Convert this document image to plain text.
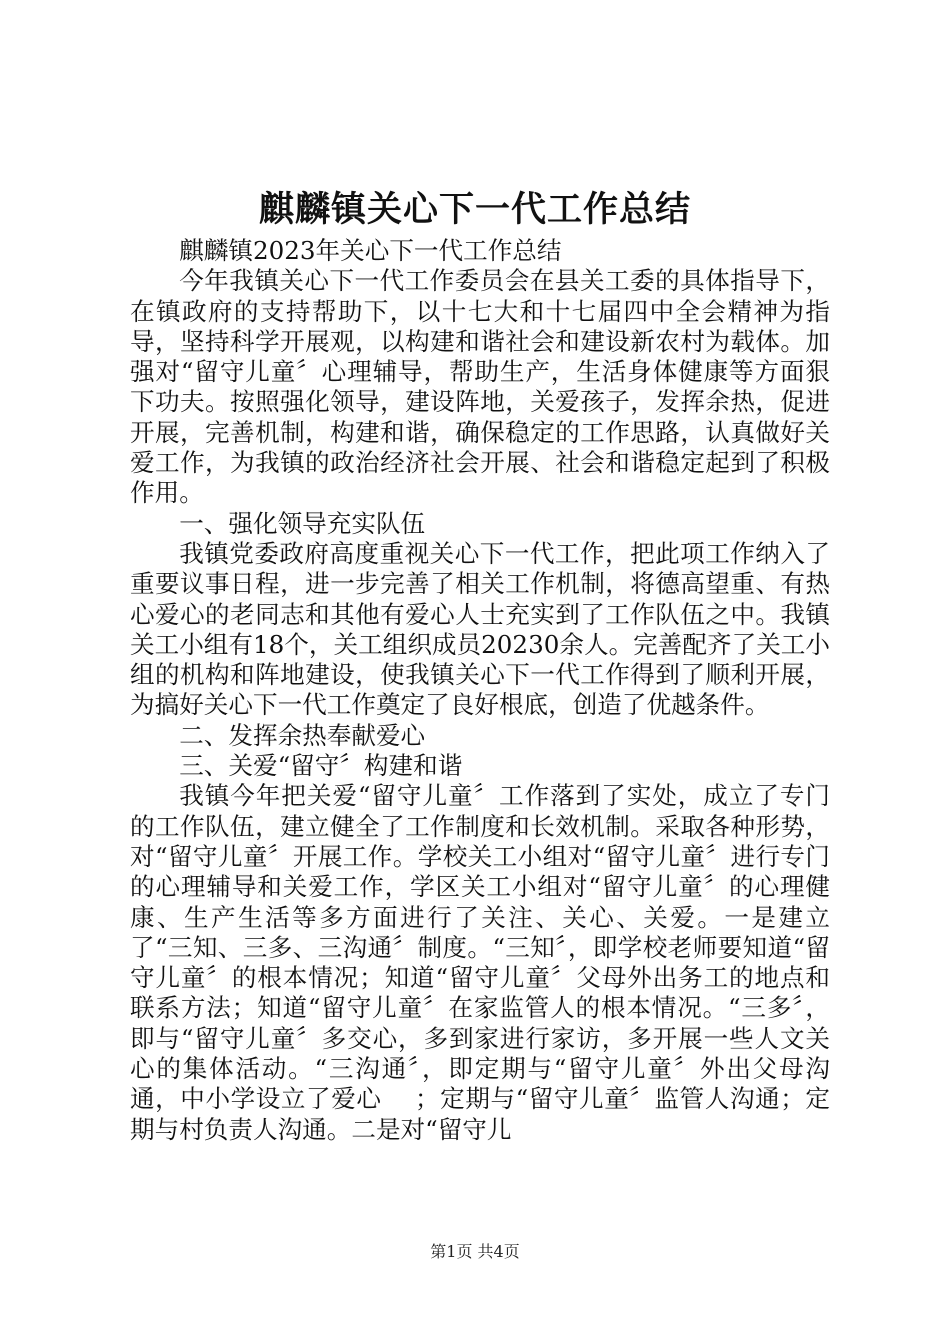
麒麟镇关心下一代工作总结

麒麟镇2023年关心下一代工作总结

今年我镇关心下一代工作委员会在县关工委的具体指导下，在镇政府的支持帮助下，以十七大和十七届四中全会精神为指导，坚持科学开展观，以构建和谐社会和建设新农村为载体。加强对“留守儿童〞心理辅导，帮助生产，生活身体健康等方面狠下功夫。按照强化领导，建设阵地，关爱孩子，发挥余热，促进开展，完善机制，构建和谐，确保稳定的工作思路，认真做好关爱工作，为我镇的政治经济社会开展、社会和谐稳定起到了积极作用。

一、强化领导充实队伍

我镇党委政府高度重视关心下一代工作，把此项工作纳入了重要议事日程，进一步完善了相关工作机制，将德高望重、有热心爱心的老同志和其他有爱心人士充实到了工作队伍之中。我镇关工小组有18个，关工组织成员20230余人。完善配齐了关工小组的机构和阵地建设，使我镇关心下一代工作得到了顺利开展，为搞好关心下一代工作奠定了良好根底，创造了优越条件。

二、发挥余热奉献爱心

三、关爱“留守〞构建和谐

我镇今年把关爱“留守儿童〞工作落到了实处，成立了专门的工作队伍，建立健全了工作制度和长效机制。采取各种形势，对“留守儿童〞开展工作。学校关工小组对“留守儿童〞进行专门的心理辅导和关爱工作，学区关工小组对“留守儿童〞的心理健康、生产生活等多方面进行了关注、关心、关爱。一是建立了“三知、三多、三沟通〞制度。“三知〞，即学校老师要知道“留守儿童〞的根本情况；知道“留守儿童〞父母外出务工的地点和联系方法；知道“留守儿童〞在家监管人的根本情况。“三多〞，即与“留守儿童〞多交心，多到家进行家访，多开展一些人文关心的集体活动。“三沟通〞，即定期与“留守儿童〞外出父母沟通，中小学设立了爱心　 ；定期与“留守儿童〞监管人沟通；定期与村负责人沟通。二是对“留守儿

第1页 共4页
